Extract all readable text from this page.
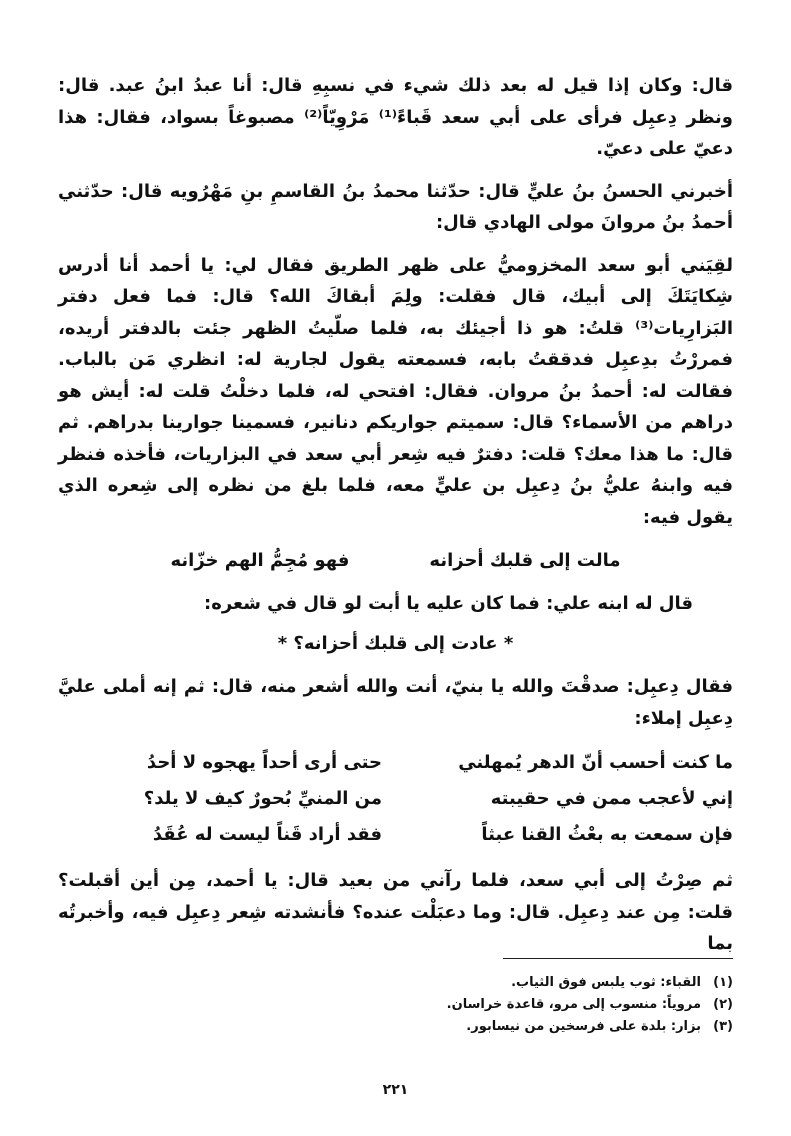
قال: وكان إذا قيل له بعد ذلك شيء في نسبِهِ قال: أنا عبدُ ابنُ عبد. قال: ونظر دِعبِل فرأى على أبي سعد قَباءً⁽¹⁾ مَرْوِيّاً⁽²⁾ مصبوغاً بسواد، فقال: هذا دعيّ على دعيّ.

أخبرني الحسنُ بنُ عليٍّ قال: حدّثنا محمدُ بنُ القاسمِ بنِ مَهْرُويه قال: حدّثني أحمدُ بنُ مروانَ مولى الهادي قال:

لقِيَني أبو سعد المخزوميُّ على ظهر الطريق فقال لي: يا أحمد أنا أدرس شِكايَتَكَ إلى أبيك، قال فقلت: ولِمَ أبقاكَ الله؟ قال: فما فعل دفتر البَزارِيات⁽³⁾ قلتُ: هو ذا أجيئك به، فلما صلّيتُ الظهر جئت بالدفتر أريده، فمررْتُ بدِعبِل فدققتُ بابه، فسمعته يقول لجارية له: انظري مَن بالباب. فقالت له: أحمدُ بنُ مروان. فقال: افتحي له، فلما دخلْتُ قلت له: أيش هو دراهم من الأسماء؟ قال: سميتم جواريكم دنانير، فسمينا جوارينا بدراهم. ثم قال: ما هذا معك؟ قلت: دفترٌ فيه شِعر أبي سعد في البزاريات، فأخذه فنظر فيه وابنهُ عليُّ بنُ دِعبِل بن عليٍّ معه، فلما بلغ من نظره إلى شِعره الذي يقول فيه:

مالت إلى قلبك أحزانه
فهو مُجِمُّ الهم خزّانه

قال له ابنه علي: فما كان عليه يا أبت لو قال في شعره:

* عادت إلى قلبك أحزانه؟ *

فقال دِعبِل: صدقْتَ والله يا بنيّ، أنت والله أشعر منه، قال: ثم إنه أملى عليَّ دِعبِل إملاء:

ما كنت أحسب أنّ الدهر يُمهلني
حتى أرى أحداً يهجوه لا أحدُ
إني لأعجب ممن في حقيبته
من المنيِّ بُحورٌ كيف لا يلد؟
فإن سمعت به بعْثُ القنا عبثاً
فقد أراد قَناً ليست له عُقَدُ

ثم صِرْتُ إلى أبي سعد، فلما رآني من بعيد قال: يا أحمد، مِن أين أقبلت؟ قلت: مِن عند دِعبِل. قال: وما دعبَلْت عنده؟ فأنشدته شِعر دِعبِل فيه، وأخبرتُه بما

(١)
القباء: ثوب يلبس فوق الثياب.
(٢)
مروياً: منسوب إلى مرو، قاعدة خراسان.
(٣)
بزار: بلدة على فرسخين من نيسابور.
٢٢١
